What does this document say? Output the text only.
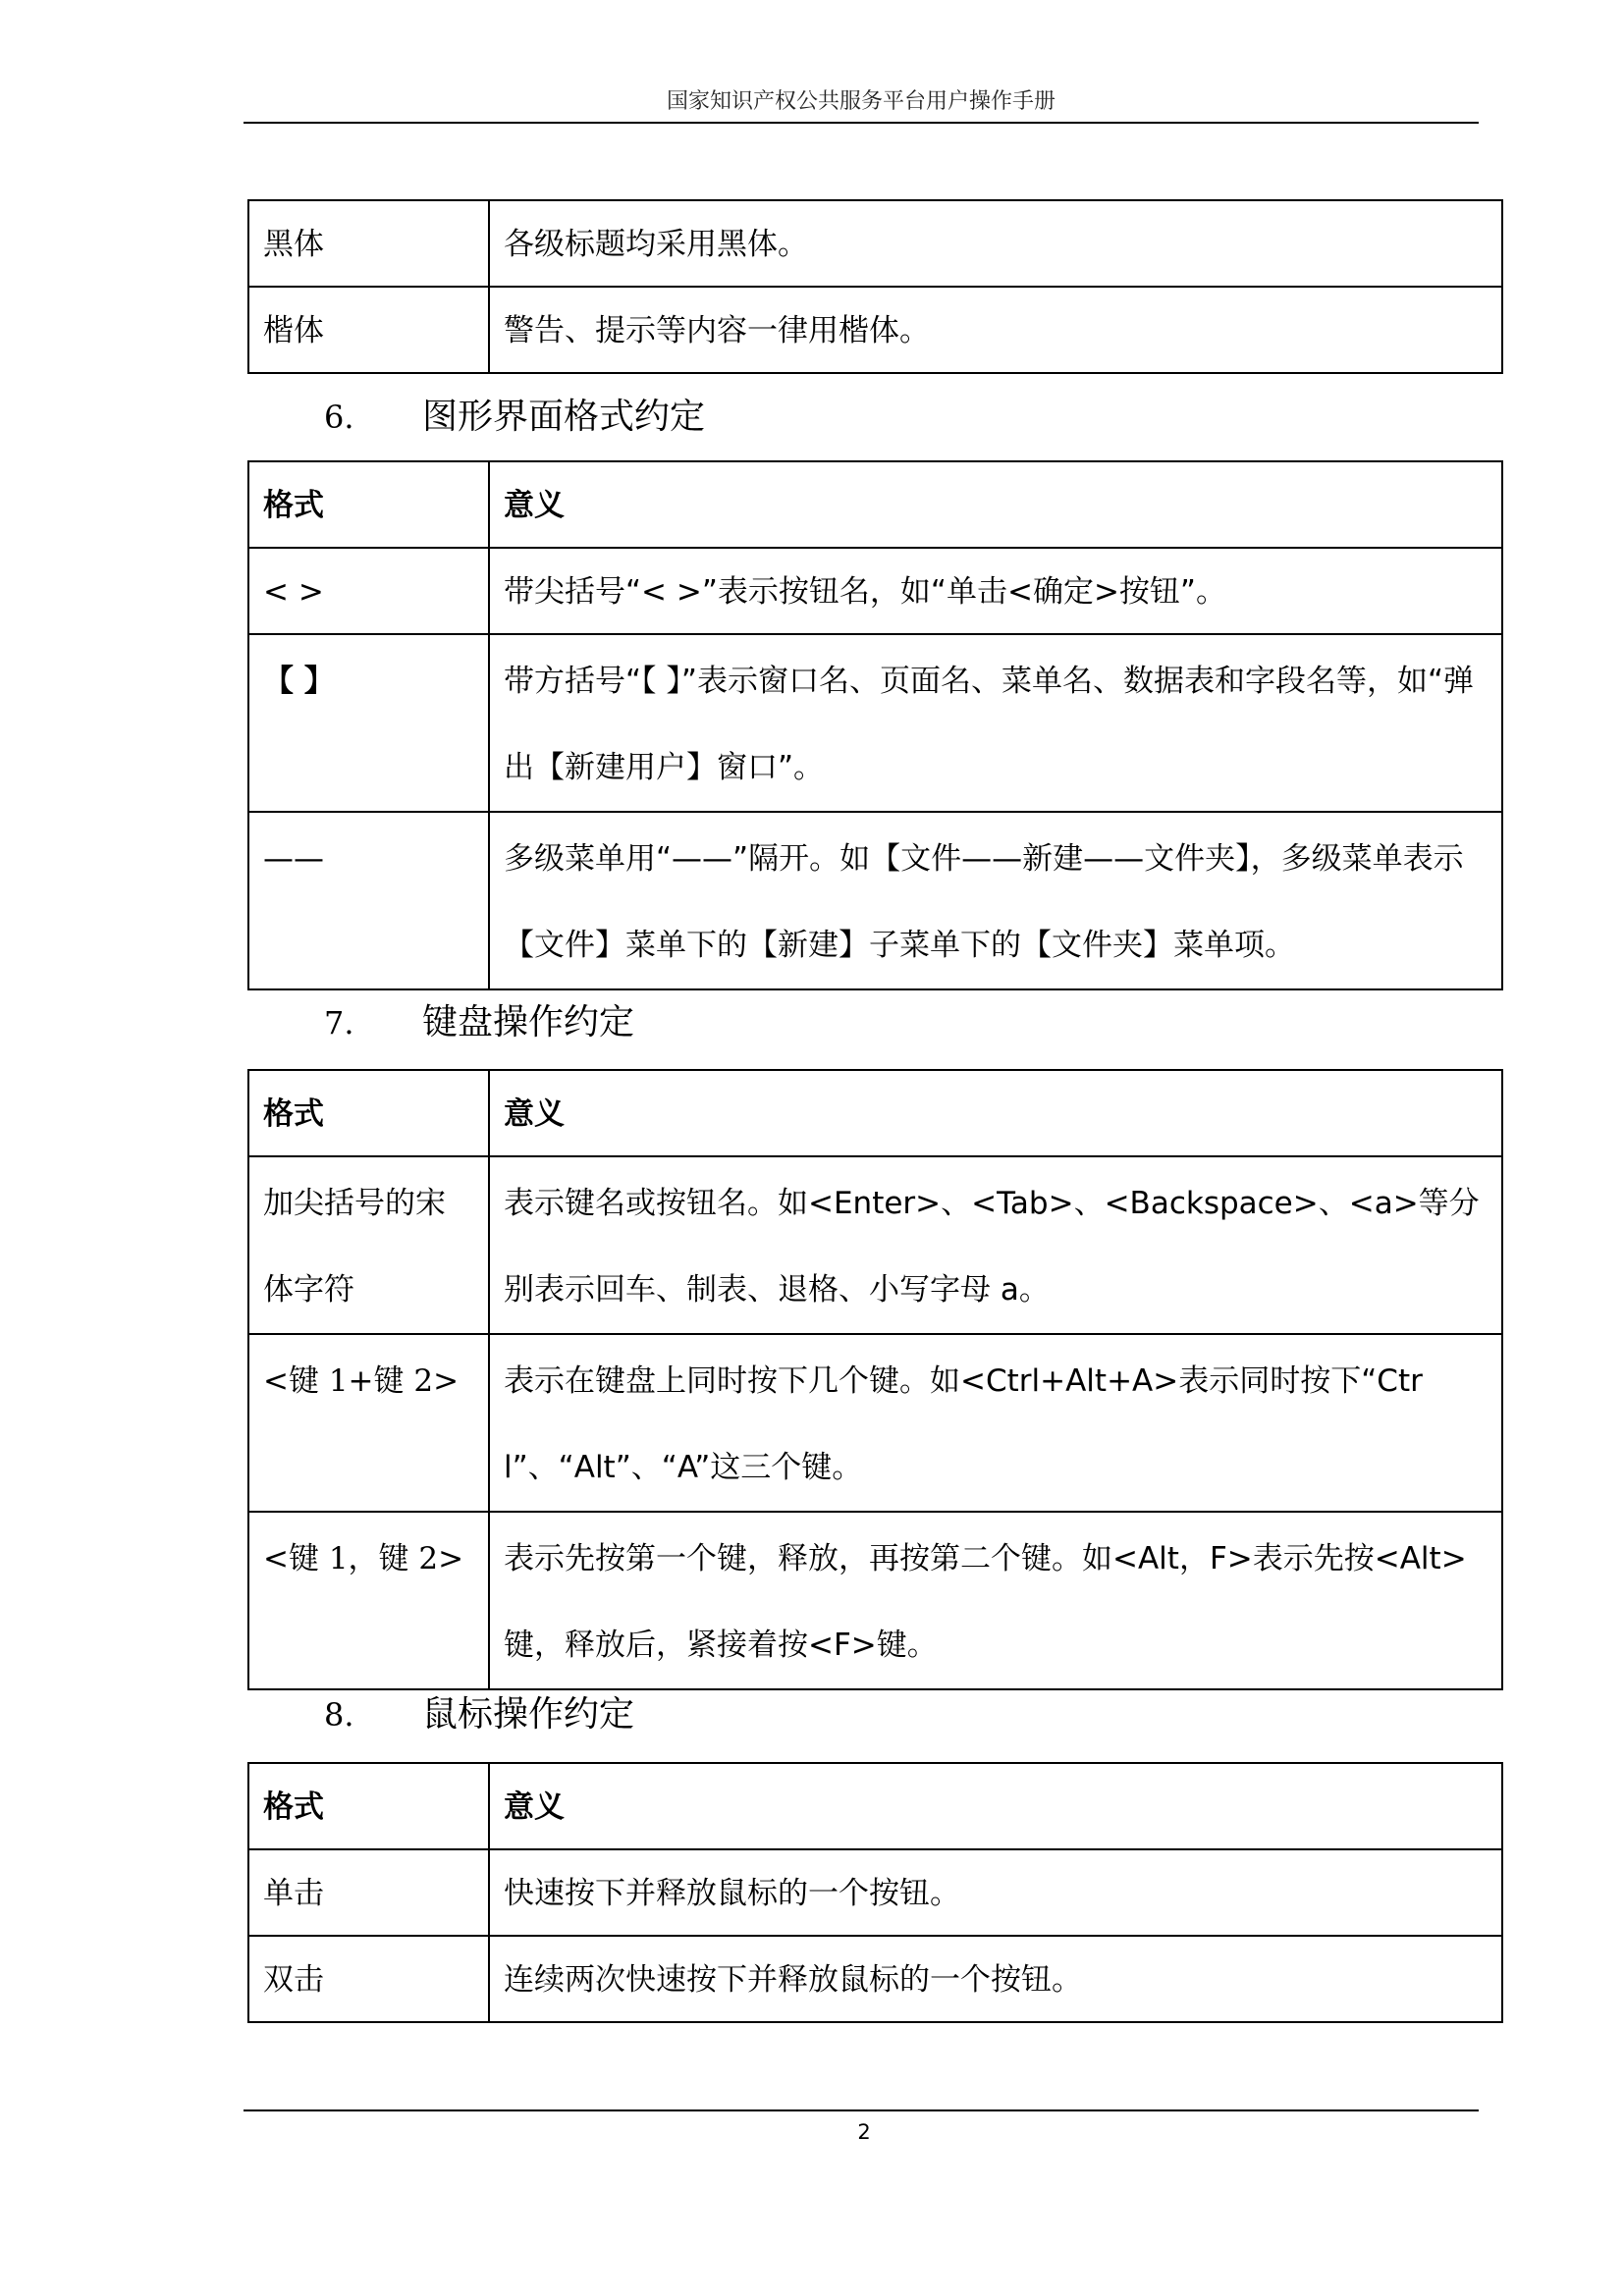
国家知识产权公共服务平台用户操作手册
黑体	各级标题均采用黑体。
楷体	警告、提示等内容一律用楷体。
6. 图形界面格式约定
格式	意义
< >	带尖括号“< >”表示按钮名，如“单击<确定>按钮”。
【 】	带方括号“【 】”表示窗口名、页面名、菜单名、数据表和字段名等，如“弹出【新建用户】窗口”。
——	多级菜单用“——”隔开。如【文件——新建——文件夹】，多级菜单表示【文件】菜单下的【新建】子菜单下的【文件夹】菜单项。
7. 键盘操作约定
格式	意义
加尖括号的宋体字符	表示键名或按钮名。如<Enter>、<Tab>、<Backspace>、<a>等分别表示回车、制表、退格、小写字母 a。
<键 1+键 2>	表示在键盘上同时按下几个键。如<Ctrl+Alt+A>表示同时按下“Ctrl”、“Alt”、“A”这三个键。
<键 1，键 2>	表示先按第一个键，释放，再按第二个键。如<Alt，F>表示先按<Alt>键，释放后，紧接着按<F>键。
8. 鼠标操作约定
格式	意义
单击	快速按下并释放鼠标的一个按钮。
双击	连续两次快速按下并释放鼠标的一个按钮。
2
